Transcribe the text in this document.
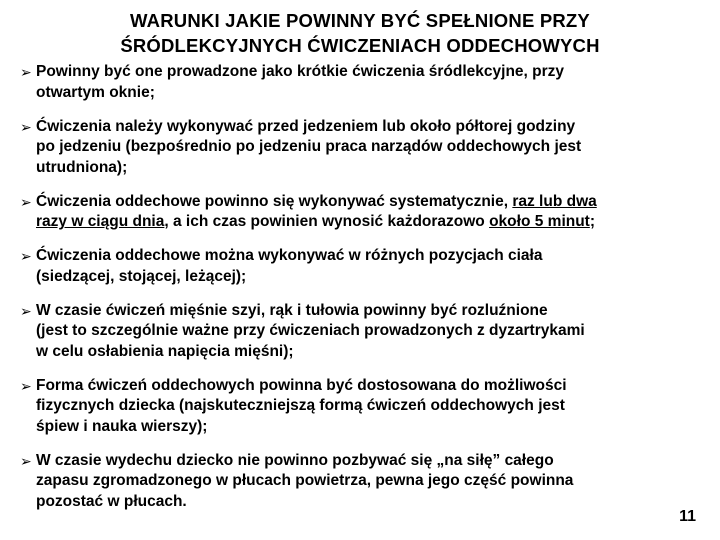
WARUNKI JAKIE POWINNY BYĆ SPEŁNIONE PRZY
ŚRÓDLEKCYJNYCH ĆWICZENIACH ODDECHOWYCH
➢ Powinny być one prowadzone jako krótkie ćwiczenia śródlekcyjne, przy
otwartym oknie;
➢ Ćwiczenia należy wykonywać przed jedzeniem lub około półtorej godziny
po jedzeniu (bezpośrednio po jedzeniu praca narządów oddechowych jest
utrudniona);
➢ Ćwiczenia oddechowe powinno się wykonywać systematycznie, raz lub dwa
razy w ciągu dnia, a ich czas powinien wynosić każdorazowo około 5 minut;
➢ Ćwiczenia oddechowe można wykonywać w różnych pozycjach ciała
(siedzącej, stojącej, leżącej);
➢ W czasie ćwiczeń mięśnie szyi, rąk i tułowia powinny być rozluźnione
(jest to szczególnie ważne przy ćwiczeniach prowadzonych z dyzartrykami
w celu osłabienia napięcia mięśni);
➢ Forma ćwiczeń oddechowych powinna być dostosowana do możliwości
fizycznych dziecka (najskuteczniejszą formą ćwiczeń oddechowych jest
śpiew i nauka wierszy);
➢ W czasie wydechu dziecko nie powinno pozbywać się „na siłę” całego
zapasu zgromadzonego w płucach powietrza, pewna jego część powinna
pozostać w płucach.
11
